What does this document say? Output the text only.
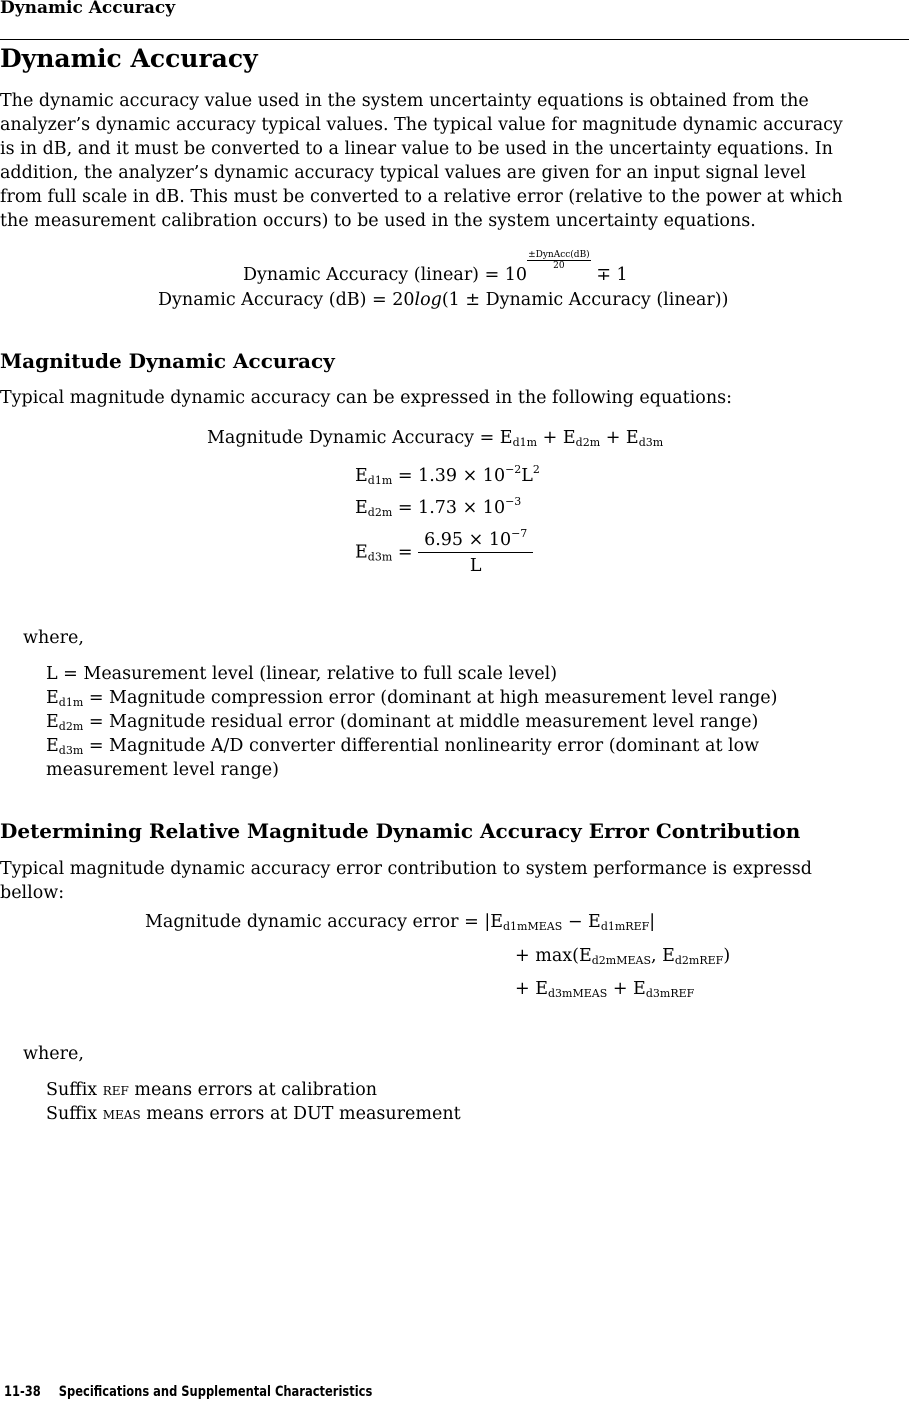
Dynamic Accuracy
Dynamic Accuracy
The dynamic accuracy value used in the system uncertainty equations is obtained from the
analyzer’s dynamic accuracy typical values. The typical value for magnitude dynamic accuracy
is in dB, and it must be converted to a linear value to be used in the uncertainty equations. In
addition, the analyzer’s dynamic accuracy typical values are given for an input signal level
from full scale in dB. This must be converted to a relative error (relative to the power at which
the measurement calibration occurs) to be used in the system uncertainty equations.
Dynamic Accuracy (linear) = 10
$\frac{\text{±DynAcc(dB)}}{20}$
∓ 1
Dynamic Accuracy (dB) = 20log(1 ± Dynamic Accuracy (linear))
Magnitude Dynamic Accuracy
Typical magnitude dynamic accuracy can be expressed in the following equations:
Magnitude Dynamic Accuracy = $E_{d1m} + E_{d2m} + E_{d3m}$
$E_{d1m} = 1.39 \times 10^{-2}L^2$
$E_{d2m} = 1.73 \times 10^{-3}$
$E_{d3m} = \frac{6.95 \times 10^{-7}}{L}$
where,
L = Measurement level (linear, relative to full scale level)
$E_{d1m}$ = Magnitude compression error (dominant at high measurement level range)
$E_{d2m}$ = Magnitude residual error (dominant at middle measurement level range)
$E_{d3m}$ = Magnitude A/D converter differential nonlinearity error (dominant at low
measurement level range)
Determining Relative Magnitude Dynamic Accuracy Error Contribution
Typical magnitude dynamic accuracy error contribution to system performance is expressd
bellow:
Magnitude dynamic accuracy error = $|E_{d1mMEAS} - E_{d1mREF}|$
+ $\max(E_{d2mMEAS}$, $E_{d2mREF}$)
+ $E_{d3mMEAS} + E_{d3mREF}$
where,
Suffix REF means errors at calibration
Suffix MEAS means errors at DUT measurement
11-38 Specifications and Supplemental Characteristics
